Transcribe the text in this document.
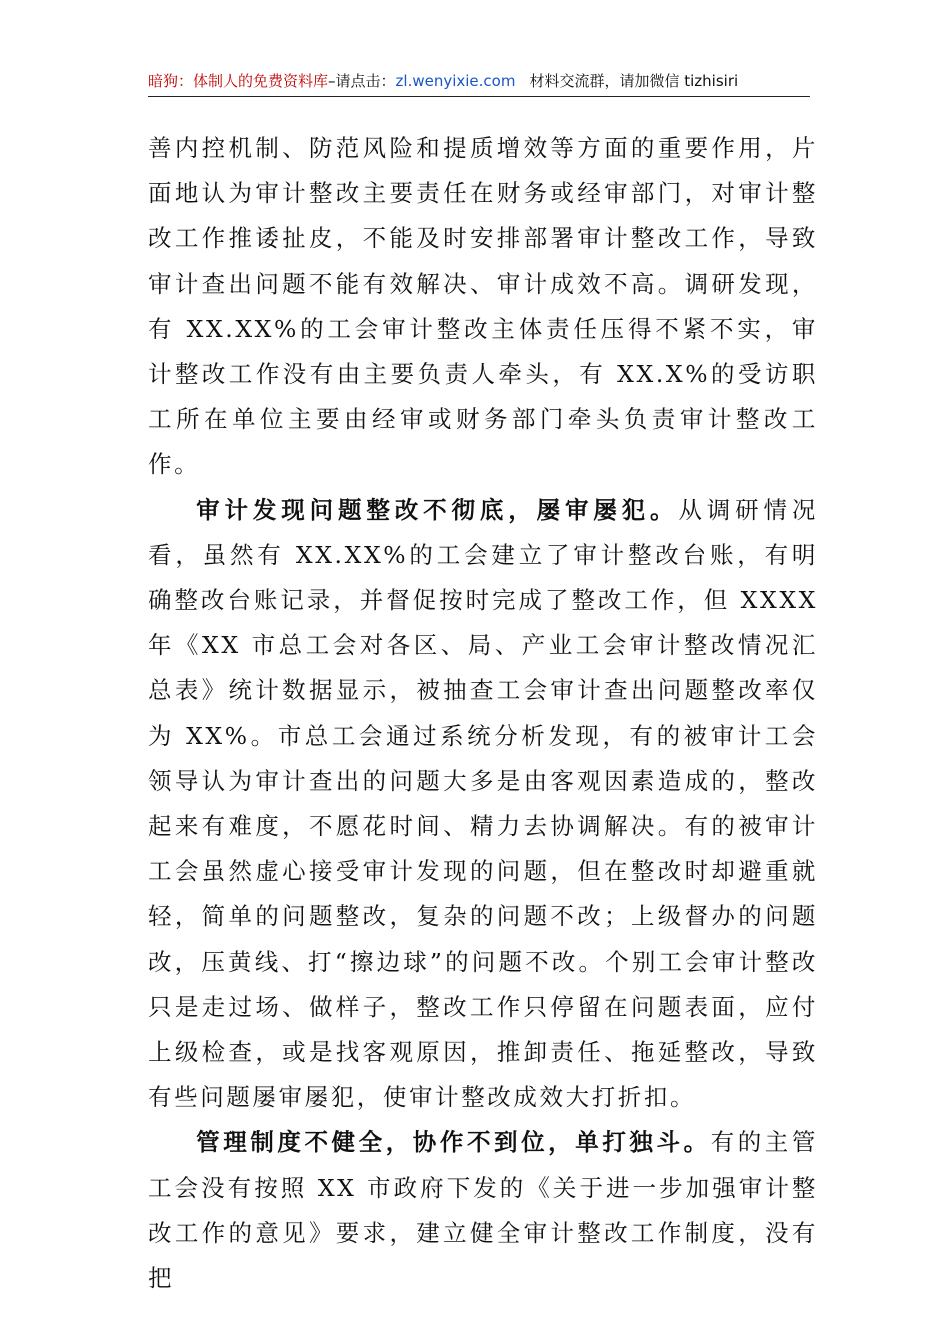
暗狗：体制人的免费资料库–请点击：zl.wenyixie.com 材料交流群，请加微信 tizhisiri

善内控机制、防范风险和提质增效等方面的重要作用，片面地认为审计整改主要责任在财务或经审部门，对审计整改工作推诿扯皮，不能及时安排部署审计整改工作，导致审计查出问题不能有效解决、审计成效不高。调研发现，有 XX.XX%的工会审计整改主体责任压得不紧不实，审计整改工作没有由主要负责人牵头，有 XX.X%的受访职工所在单位主要由经审或财务部门牵头负责审计整改工作。

审计发现问题整改不彻底，屡审屡犯。从调研情况看，虽然有 XX.XX%的工会建立了审计整改台账，有明确整改台账记录，并督促按时完成了整改工作，但 XXXX 年《XX 市总工会对各区、局、产业工会审计整改情况汇总表》统计数据显示，被抽查工会审计查出问题整改率仅为 XX%。市总工会通过系统分析发现，有的被审计工会领导认为审计查出的问题大多是由客观因素造成的，整改起来有难度，不愿花时间、精力去协调解决。有的被审计工会虽然虚心接受审计发现的问题，但在整改时却避重就轻，简单的问题整改，复杂的问题不改；上级督办的问题改，压黄线、打“擦边球”的问题不改。个别工会审计整改只是走过场、做样子，整改工作只停留在问题表面，应付上级检查，或是找客观原因，推卸责任、拖延整改，导致有些问题屡审屡犯，使审计整改成效大打折扣。

管理制度不健全，协作不到位，单打独斗。有的主管工会没有按照 XX 市政府下发的《关于进一步加强审计整改工作的意见》要求，建立健全审计整改工作制度，没有把
